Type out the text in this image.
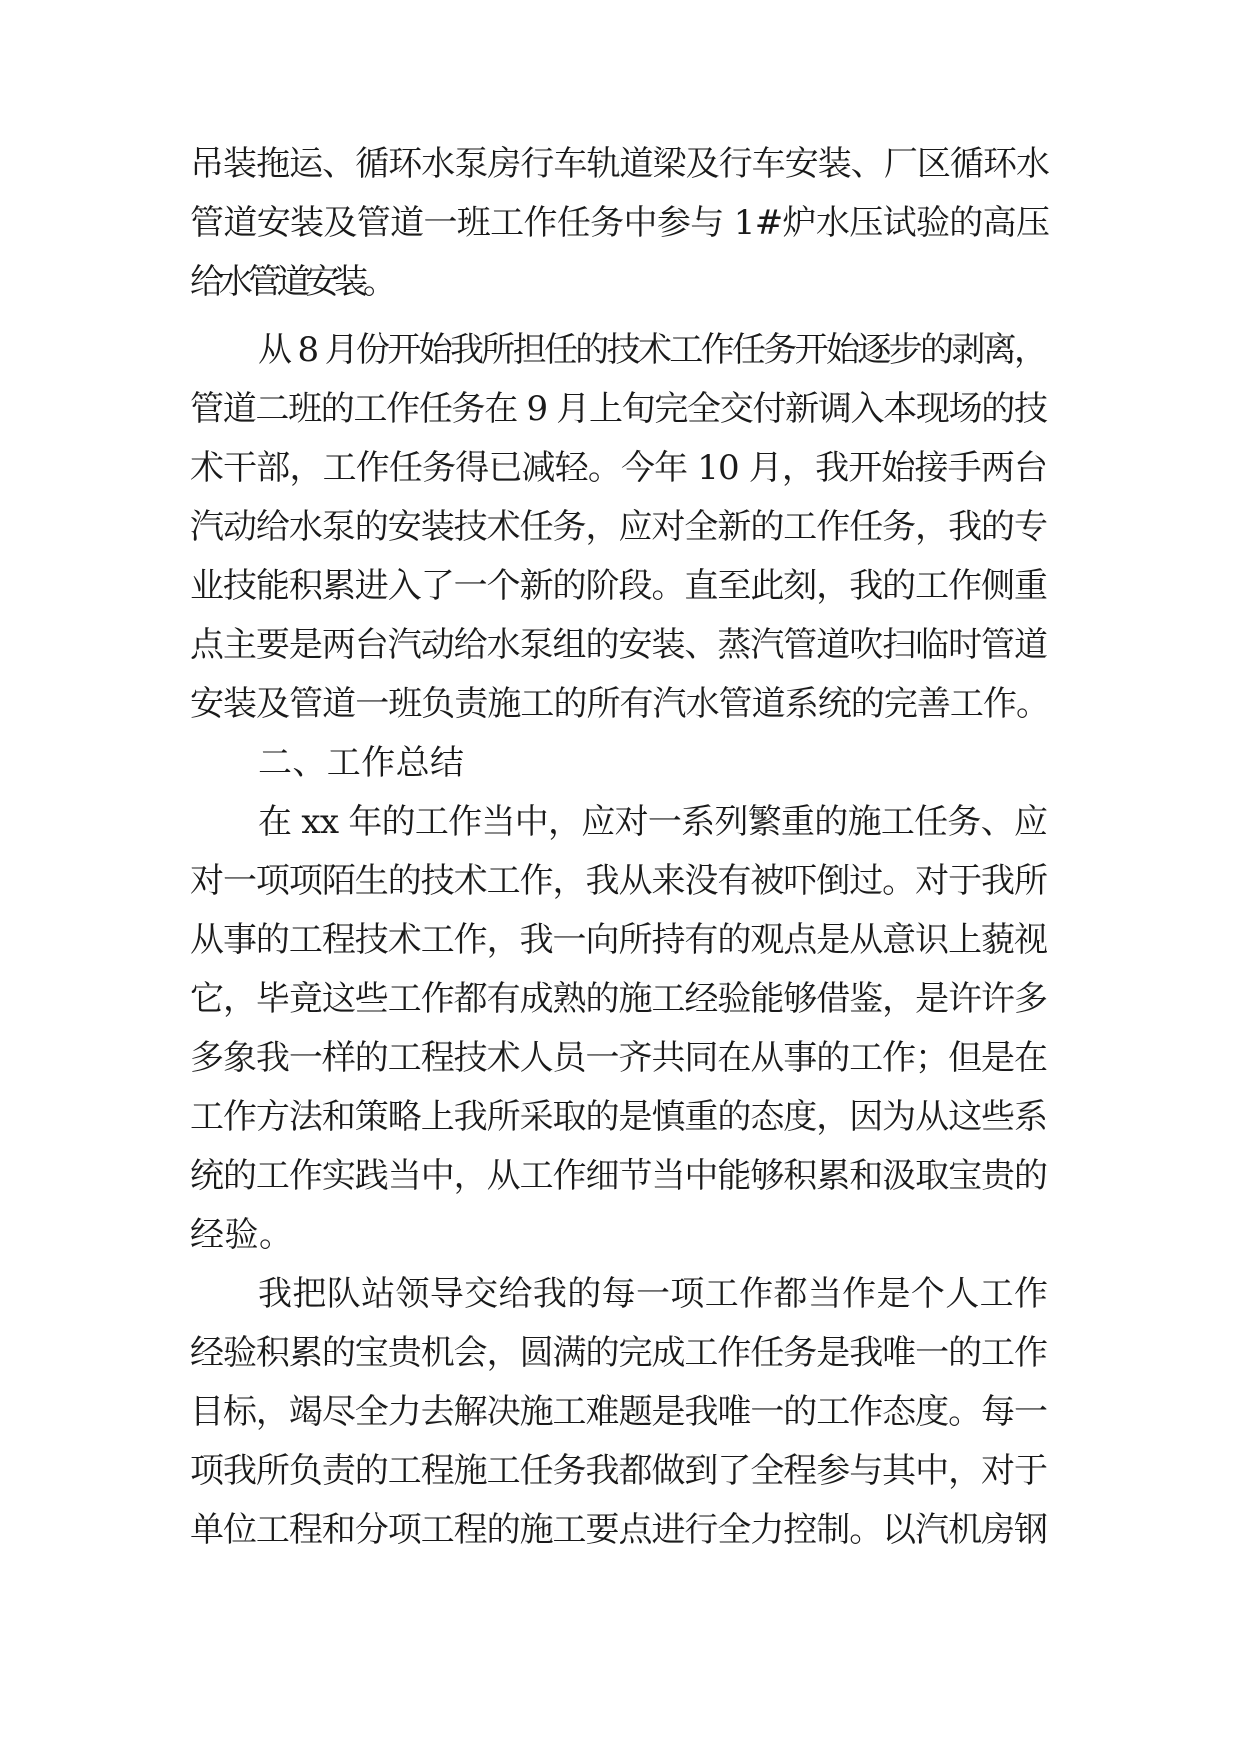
吊装拖运、循环水泵房行车轨道梁及行车安装、厂区循环水
管道安装及管道一班工作任务中参与 1#炉水压试验的高压
给水管道安装。
从 8 月份开始我所担任的技术工作任务开始逐步的剥离，
管道二班的工作任务在 9 月上旬完全交付新调入本现场的技
术干部，工作任务得已减轻。今年 10 月，我开始接手两台
汽动给水泵的安装技术任务，应对全新的工作任务，我的专
业技能积累进入了一个新的阶段。直至此刻，我的工作侧重
点主要是两台汽动给水泵组的安装、蒸汽管道吹扫临时管道
安装及管道一班负责施工的所有汽水管道系统的完善工作。
二、工作总结
在 xx 年的工作当中，应对一系列繁重的施工任务、应
对一项项陌生的技术工作，我从来没有被吓倒过。对于我所
从事的工程技术工作，我一向所持有的观点是从意识上藐视
它，毕竟这些工作都有成熟的施工经验能够借鉴，是许许多
多象我一样的工程技术人员一齐共同在从事的工作；但是在
工作方法和策略上我所采取的是慎重的态度，因为从这些系
统的工作实践当中，从工作细节当中能够积累和汲取宝贵的
经验。
我把队站领导交给我的每一项工作都当作是个人工作
经验积累的宝贵机会，圆满的完成工作任务是我唯一的工作
目标，竭尽全力去解决施工难题是我唯一的工作态度。每一
项我所负责的工程施工任务我都做到了全程参与其中，对于
单位工程和分项工程的施工要点进行全力控制。以汽机房钢
